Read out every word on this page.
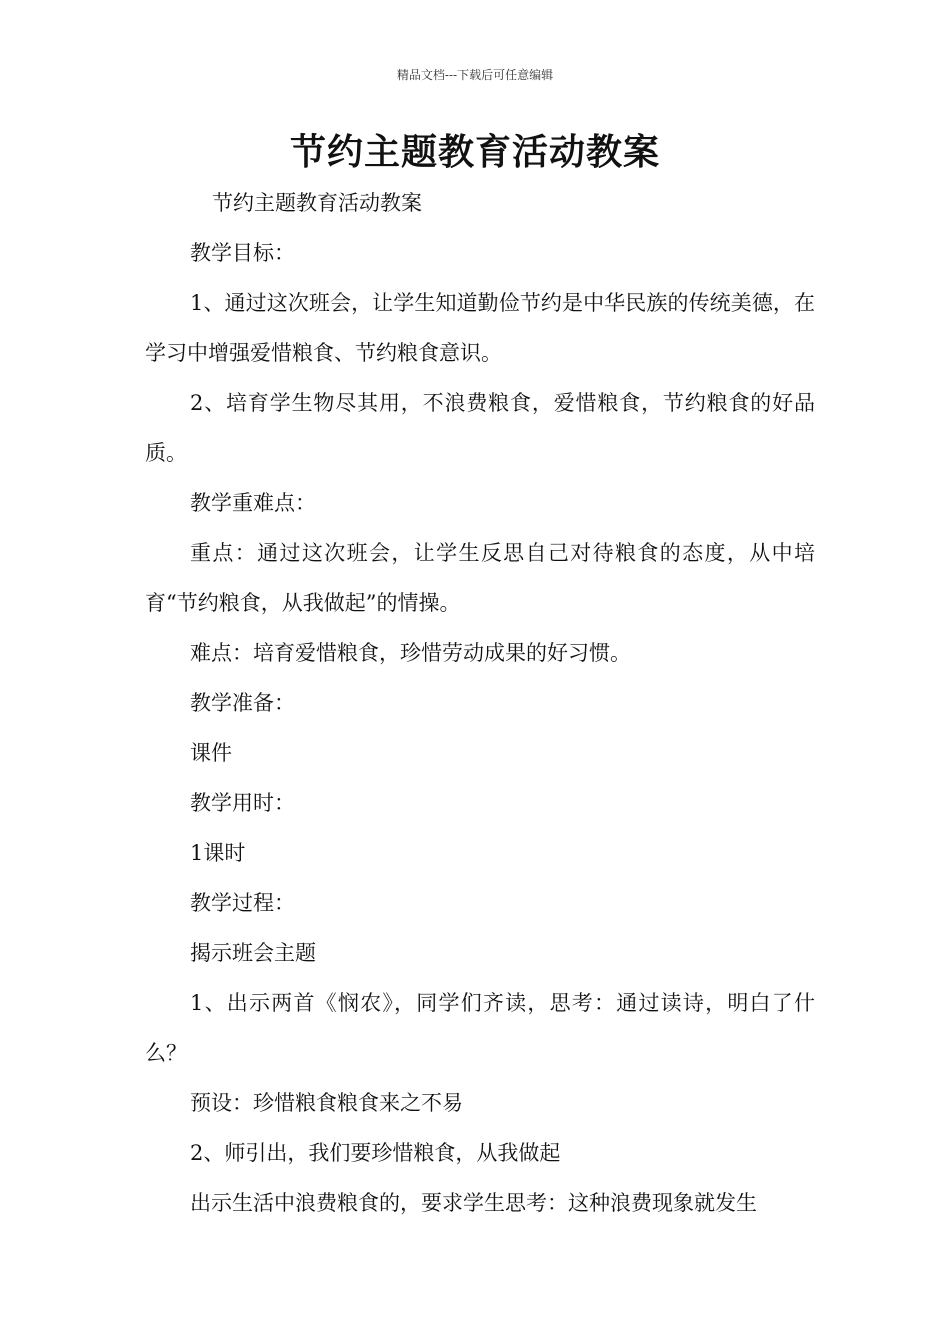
精品文档---下载后可任意编辑
节约主题教育活动教案

节约主题教育活动教案

教学目标：

1、通过这次班会，让学生知道勤俭节约是中华民族的传统美德，在学习中增强爱惜粮食、节约粮食意识。

2、培育学生物尽其用，不浪费粮食，爱惜粮食，节约粮食的好品质。

教学重难点：

重点：通过这次班会，让学生反思自己对待粮食的态度，从中培育“节约粮食，从我做起”的情操。

难点：培育爱惜粮食，珍惜劳动成果的好习惯。

教学准备：

课件

教学用时：

1课时

教学过程：

揭示班会主题

1、出示两首《悯农》，同学们齐读，思考：通过读诗，明白了什么？

预设：珍惜粮食粮食来之不易

2、师引出，我们要珍惜粮食，从我做起

出示生活中浪费粮食的，要求学生思考：这种浪费现象就发生
